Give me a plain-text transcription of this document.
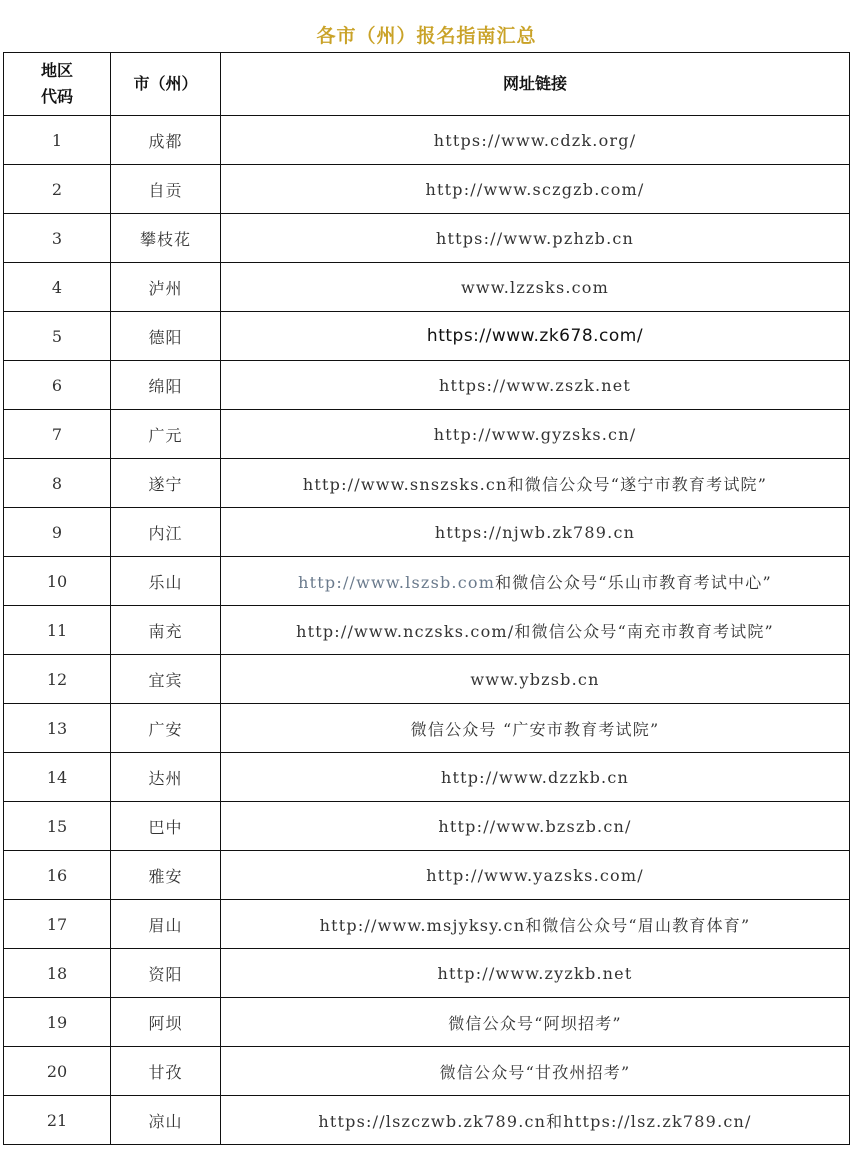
各市（州）报名指南汇总
地区
代码	市（州）	网址链接
1	成都	https://www.cdzk.org/
2	自贡	http://www.sczgzb.com/
3	攀枝花	https://www.pzhzb.cn
4	泸州	www.lzzsks.com
5	德阳	https://www.zk678.com/
6	绵阳	https://www.zszk.net
7	广元	http://www.gyzsks.cn/
8	遂宁	http://www.snszsks.cn和微信公众号“遂宁市教育考试院”
9	内江	https://njwb.zk789.cn
10	乐山	http://www.lszsb.com和微信公众号“乐山市教育考试中心”
11	南充	http://www.nczsks.com/和微信公众号“南充市教育考试院”
12	宜宾	www.ybzsb.cn
13	广安	微信公众号 “广安市教育考试院”
14	达州	http://www.dzzkb.cn
15	巴中	http://www.bzszb.cn/
16	雅安	http://www.yazsks.com/
17	眉山	http://www.msjyksy.cn和微信公众号“眉山教育体育”
18	资阳	http://www.zyzkb.net
19	阿坝	微信公众号“阿坝招考”
20	甘孜	微信公众号“甘孜州招考”
21	凉山	https://lszczwb.zk789.cn和https://lsz.zk789.cn/
